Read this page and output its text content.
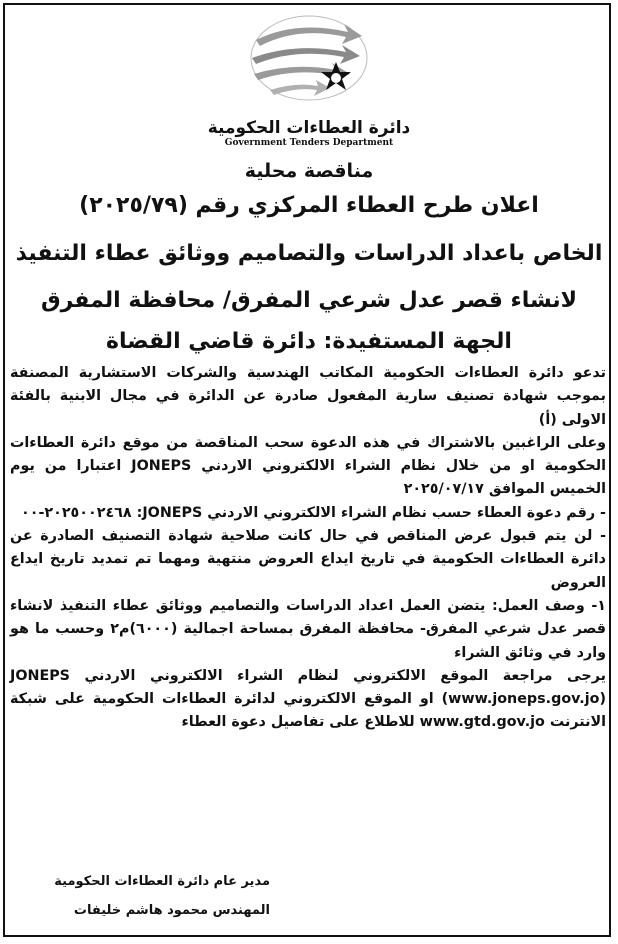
دائرة العطاءات الحكومية
Government Tenders Department
مناقصة محلية
اعلان طرح العطاء المركزي رقم (٢٠٢٥/٧٩)
الخاص باعداد الدراسات والتصاميم ووثائق عطاء التنفيذ
لانشاء قصر عدل شرعي المفرق/ محافظة المفرق
الجهة المستفيدة: دائرة قاضي القضاة

تدعو دائرة العطاءات الحكومية المكاتب الهندسية والشركات الاستشارية المصنفة بموجب شهادة تصنيف سارية المفعول صادرة عن الدائرة في مجال الابنية بالفئة الاولى (أ)

وعلى الراغبين بالاشتراك في هذه الدعوة سحب المناقصة من موقع دائرة العطاءات الحكومية او من خلال نظام الشراء الالكتروني الاردني JONEPS اعتبارا من يوم الخميس الموافق ٢٠٢٥/٠٧/١٧

- رقم دعوة العطاء حسب نظام الشراء الالكتروني الاردني JONEPS: ٢٠٢٥٠٠٢٤٦٨-٠٠

- لن يتم قبول عرض المناقص في حال كانت صلاحية شهادة التصنيف الصادرة عن دائرة العطاءات الحكومية في تاريخ ايداع العروض منتهية ومهما تم تمديد تاريخ ايداع العروض

١- وصف العمل: يتضن العمل اعداد الدراسات والتصاميم ووثائق عطاء التنفيذ لانشاء قصر عدل شرعي المفرق- محافظة المفرق بمساحة اجمالية (٦٠٠٠)م٢ وحسب ما هو وارد في وثائق الشراء

يرجى مراجعة الموقع الالكتروني لنظام الشراء الالكتروني الاردني JONEPS (www.joneps.gov.jo) او الموقع الالكتروني لدائرة العطاءات الحكومية على شبكة الانترنت www.gtd.gov.jo للاطلاع على تفاصيل دعوة العطاء

مدير عام دائرة العطاءات الحكومية
المهندس محمود هاشم خليفات
